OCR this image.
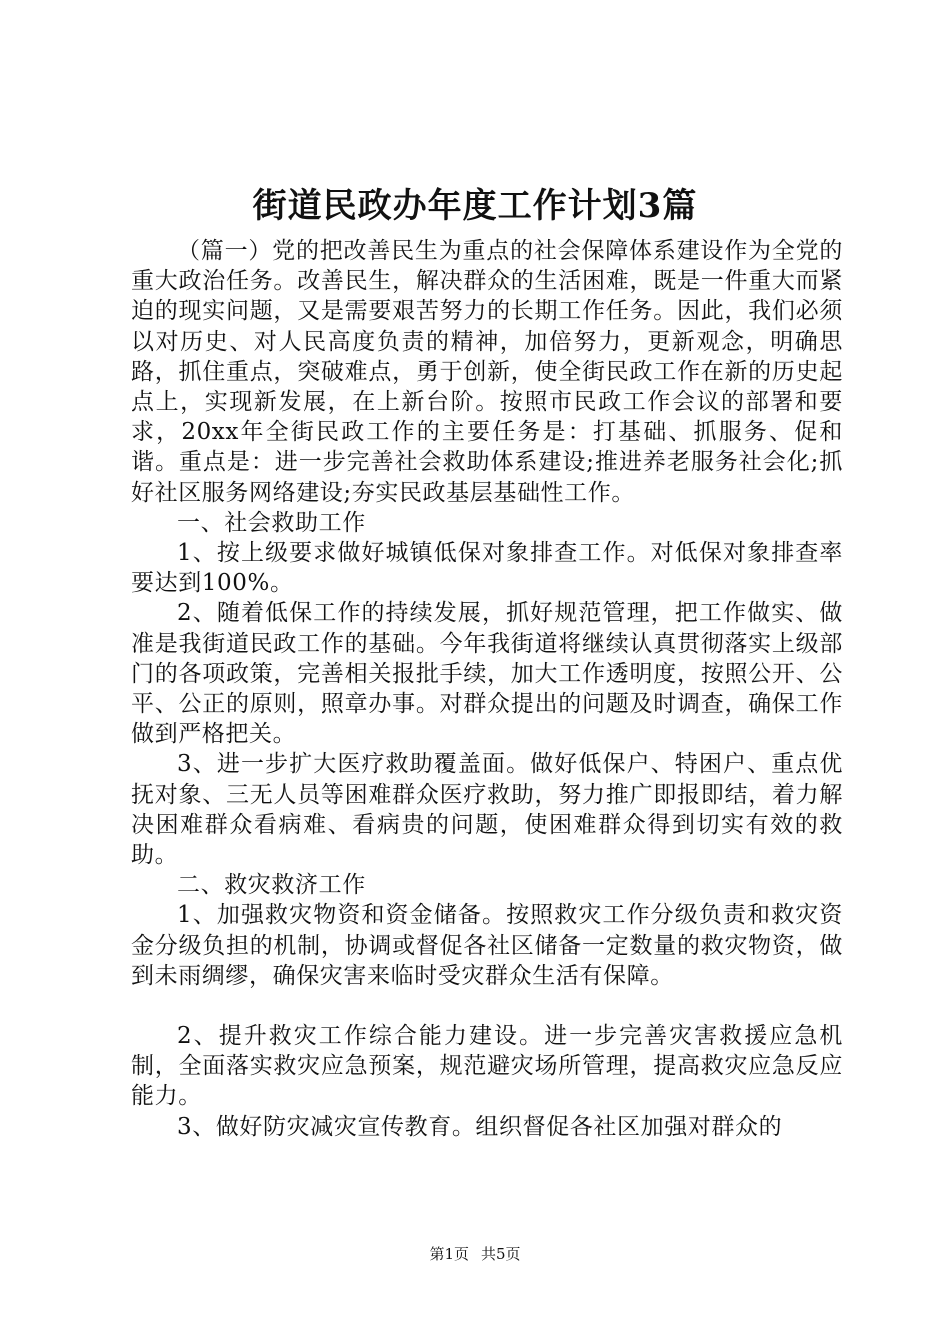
街道民政办年度工作计划3篇

（篇一）党的把改善民生为重点的社会保障体系建设作为全党的重大政治任务。改善民生，解决群众的生活困难，既是一件重大而紧迫的现实问题，又是需要艰苦努力的长期工作任务。因此，我们必须以对历史、对人民高度负责的精神，加倍努力，更新观念，明确思路，抓住重点，突破难点，勇于创新，使全街民政工作在新的历史起点上，实现新发展，在上新台阶。按照市民政工作会议的部署和要求，20xx年全街民政工作的主要任务是：打基础、抓服务、促和谐。重点是：进一步完善社会救助体系建设;推进养老服务社会化;抓好社区服务网络建设;夯实民政基层基础性工作。

一、社会救助工作

1、按上级要求做好城镇低保对象排查工作。对低保对象排查率要达到100%。

2、随着低保工作的持续发展，抓好规范管理，把工作做实、做准是我街道民政工作的基础。今年我街道将继续认真贯彻落实上级部门的各项政策，完善相关报批手续，加大工作透明度，按照公开、公平、公正的原则，照章办事。对群众提出的问题及时调查，确保工作做到严格把关。

3、进一步扩大医疗救助覆盖面。做好低保户、特困户、重点优抚对象、三无人员等困难群众医疗救助，努力推广即报即结，着力解决困难群众看病难、看病贵的问题，使困难群众得到切实有效的救助。

二、救灾救济工作

1、加强救灾物资和资金储备。按照救灾工作分级负责和救灾资金分级负担的机制，协调或督促各社区储备一定数量的救灾物资，做到未雨绸缪，确保灾害来临时受灾群众生活有保障。

2、提升救灾工作综合能力建设。进一步完善灾害救援应急机制，全面落实救灾应急预案，规范避灾场所管理，提高救灾应急反应能力。

3、做好防灾减灾宣传教育。组织督促各社区加强对群众的

第1页 共5页
